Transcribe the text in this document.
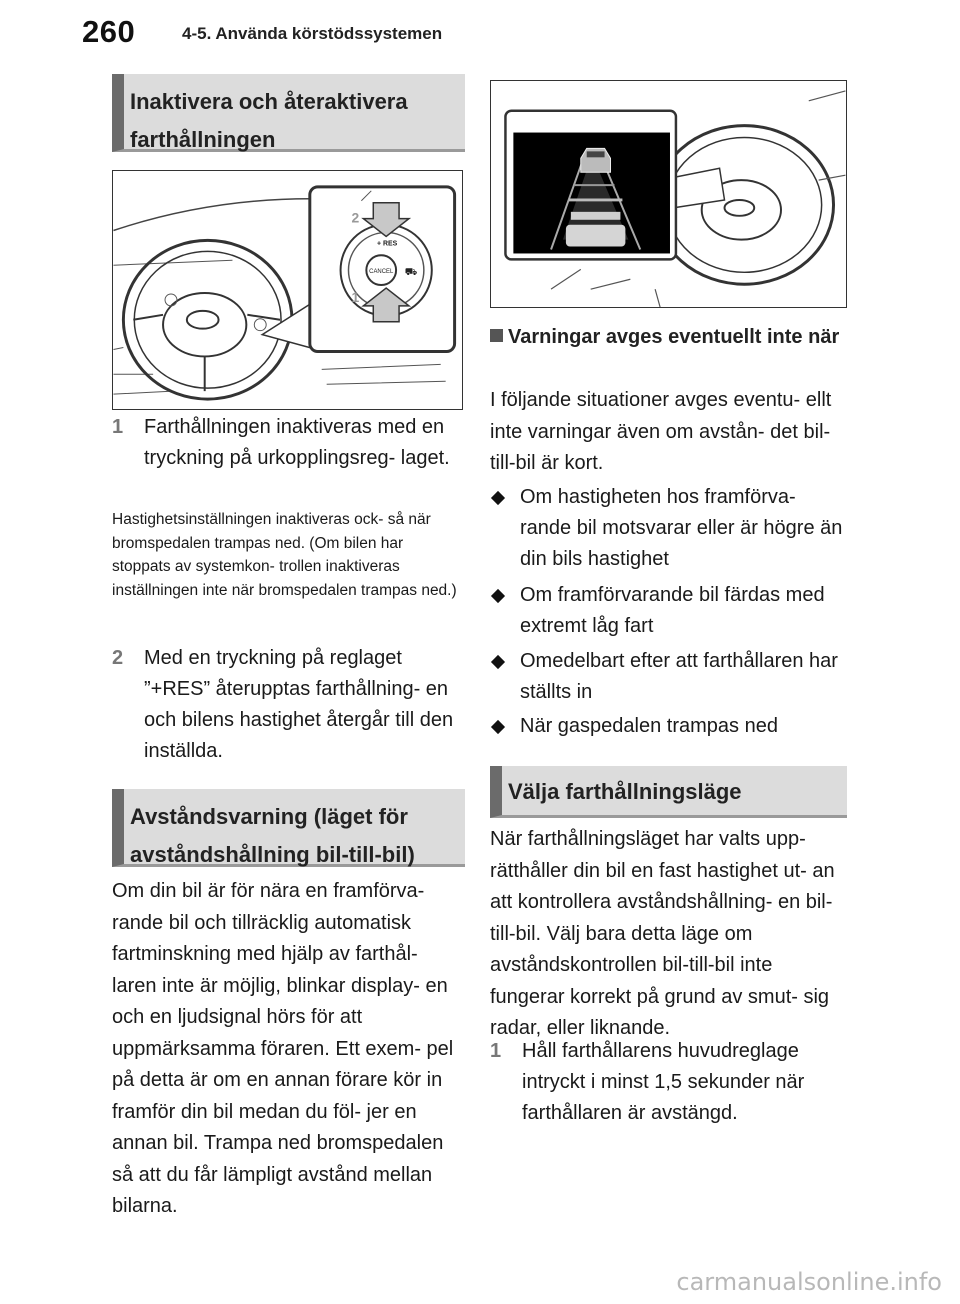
260	4-5. Använda körstödssystemen
Inaktivera och återaktivera
farthållningen
CANCEL
+ RES
⛟
2
1
1 Farthållningen inaktiveras med en tryckning på urkopplingsreg- laget.
Hastighetsinställningen inaktiveras ock- så när bromspedalen trampas ned. (Om bilen har stoppats av systemkon- trollen inaktiveras inställningen inte när bromspedalen trampas ned.)
2 Med en tryckning på reglaget ”+RES” återupptas farthållning- en och bilens hastighet återgår till den inställda.
Avståndsvarning (läget för
avståndshållning bil-till-bil)
Om din bil är för nära en framförva- rande bil och tillräcklig automatisk fartminskning med hjälp av farthål- laren inte är möjlig, blinkar display- en och en ljudsignal hörs för att uppmärksamma föraren. Ett exem- pel på detta är om en annan förare kör in framför din bil medan du föl- jer en annan bil. Trampa ned bromspedalen så att du får lämpligt avstånd mellan bilarna.
Varningar avges eventuellt inte när
I följande situationer avges eventu- ellt inte varningar även om avstån- det bil-till-bil är kort.
Om hastigheten hos framförva- rande bil motsvarar eller är högre än din bils hastighet
Om framförvarande bil färdas med extremt låg fart
Omedelbart efter att farthållaren har ställts in
När gaspedalen trampas ned
Välja farthållningsläge
När farthållningsläget har valts upp- rätthåller din bil en fast hastighet ut- an att kontrollera avståndshållning- en bil-till-bil. Välj bara detta läge om avståndskontrollen bil-till-bil inte fungerar korrekt på grund av smut- sig radar, eller liknande.
1 Håll farthållarens huvudreglage intryckt i minst 1,5 sekunder när farthållaren är avstängd.
carmanualsonline.info
